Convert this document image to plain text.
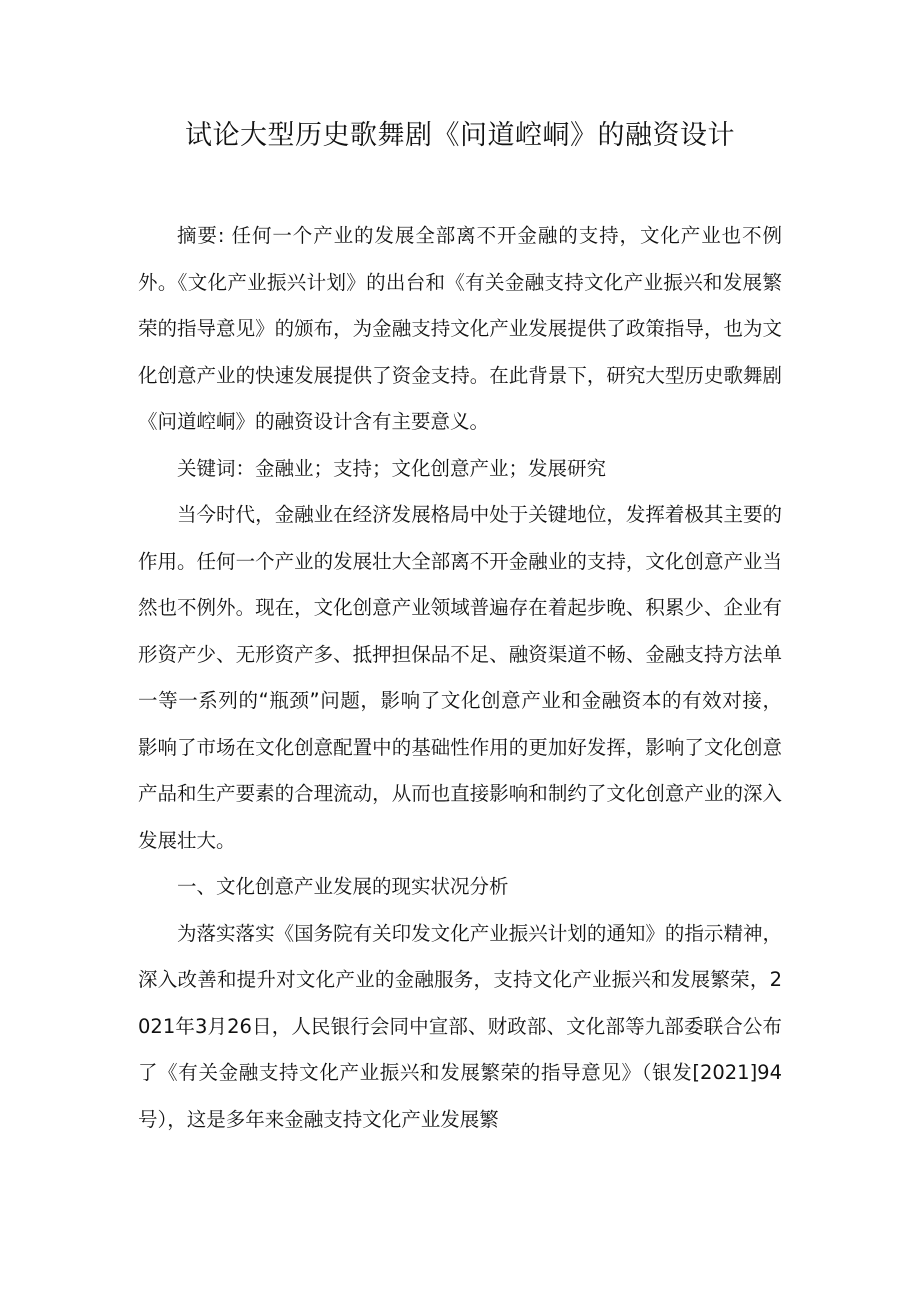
试论大型历史歌舞剧《问道崆峒》的融资设计

摘要: 任何一个产业的发展全部离不开金融的支持，文化产业也不例外。《文化产业振兴计划》的出台和《有关金融支持文化产业振兴和发展繁荣的指导意见》的颁布，为金融支持文化产业发展提供了政策指导，也为文化创意产业的快速发展提供了资金支持。在此背景下，研究大型历史歌舞剧《问道崆峒》的融资设计含有主要意义。

关键词：金融业；支持；文化创意产业；发展研究

当今时代，金融业在经济发展格局中处于关键地位，发挥着极其主要的作用。任何一个产业的发展壮大全部离不开金融业的支持，文化创意产业当然也不例外。现在，文化创意产业领域普遍存在着起步晚、积累少、企业有形资产少、无形资产多、抵押担保品不足、融资渠道不畅、金融支持方法单一等一系列的“瓶颈”问题，影响了文化创意产业和金融资本的有效对接，影响了市场在文化创意配置中的基础性作用的更加好发挥，影响了文化创意产品和生产要素的合理流动，从而也直接影响和制约了文化创意产业的深入发展壮大。

一、文化创意产业发展的现实状况分析

为落实落实《国务院有关印发文化产业振兴计划的通知》的指示精神，深入改善和提升对文化产业的金融服务，支持文化产业振兴和发展繁荣，2021年3月26日，人民银行会同中宣部、财政部、文化部等九部委联合公布了《有关金融支持文化产业振兴和发展繁荣的指导意见》（银发[2021]94号），这是多年来金融支持文化产业发展繁
